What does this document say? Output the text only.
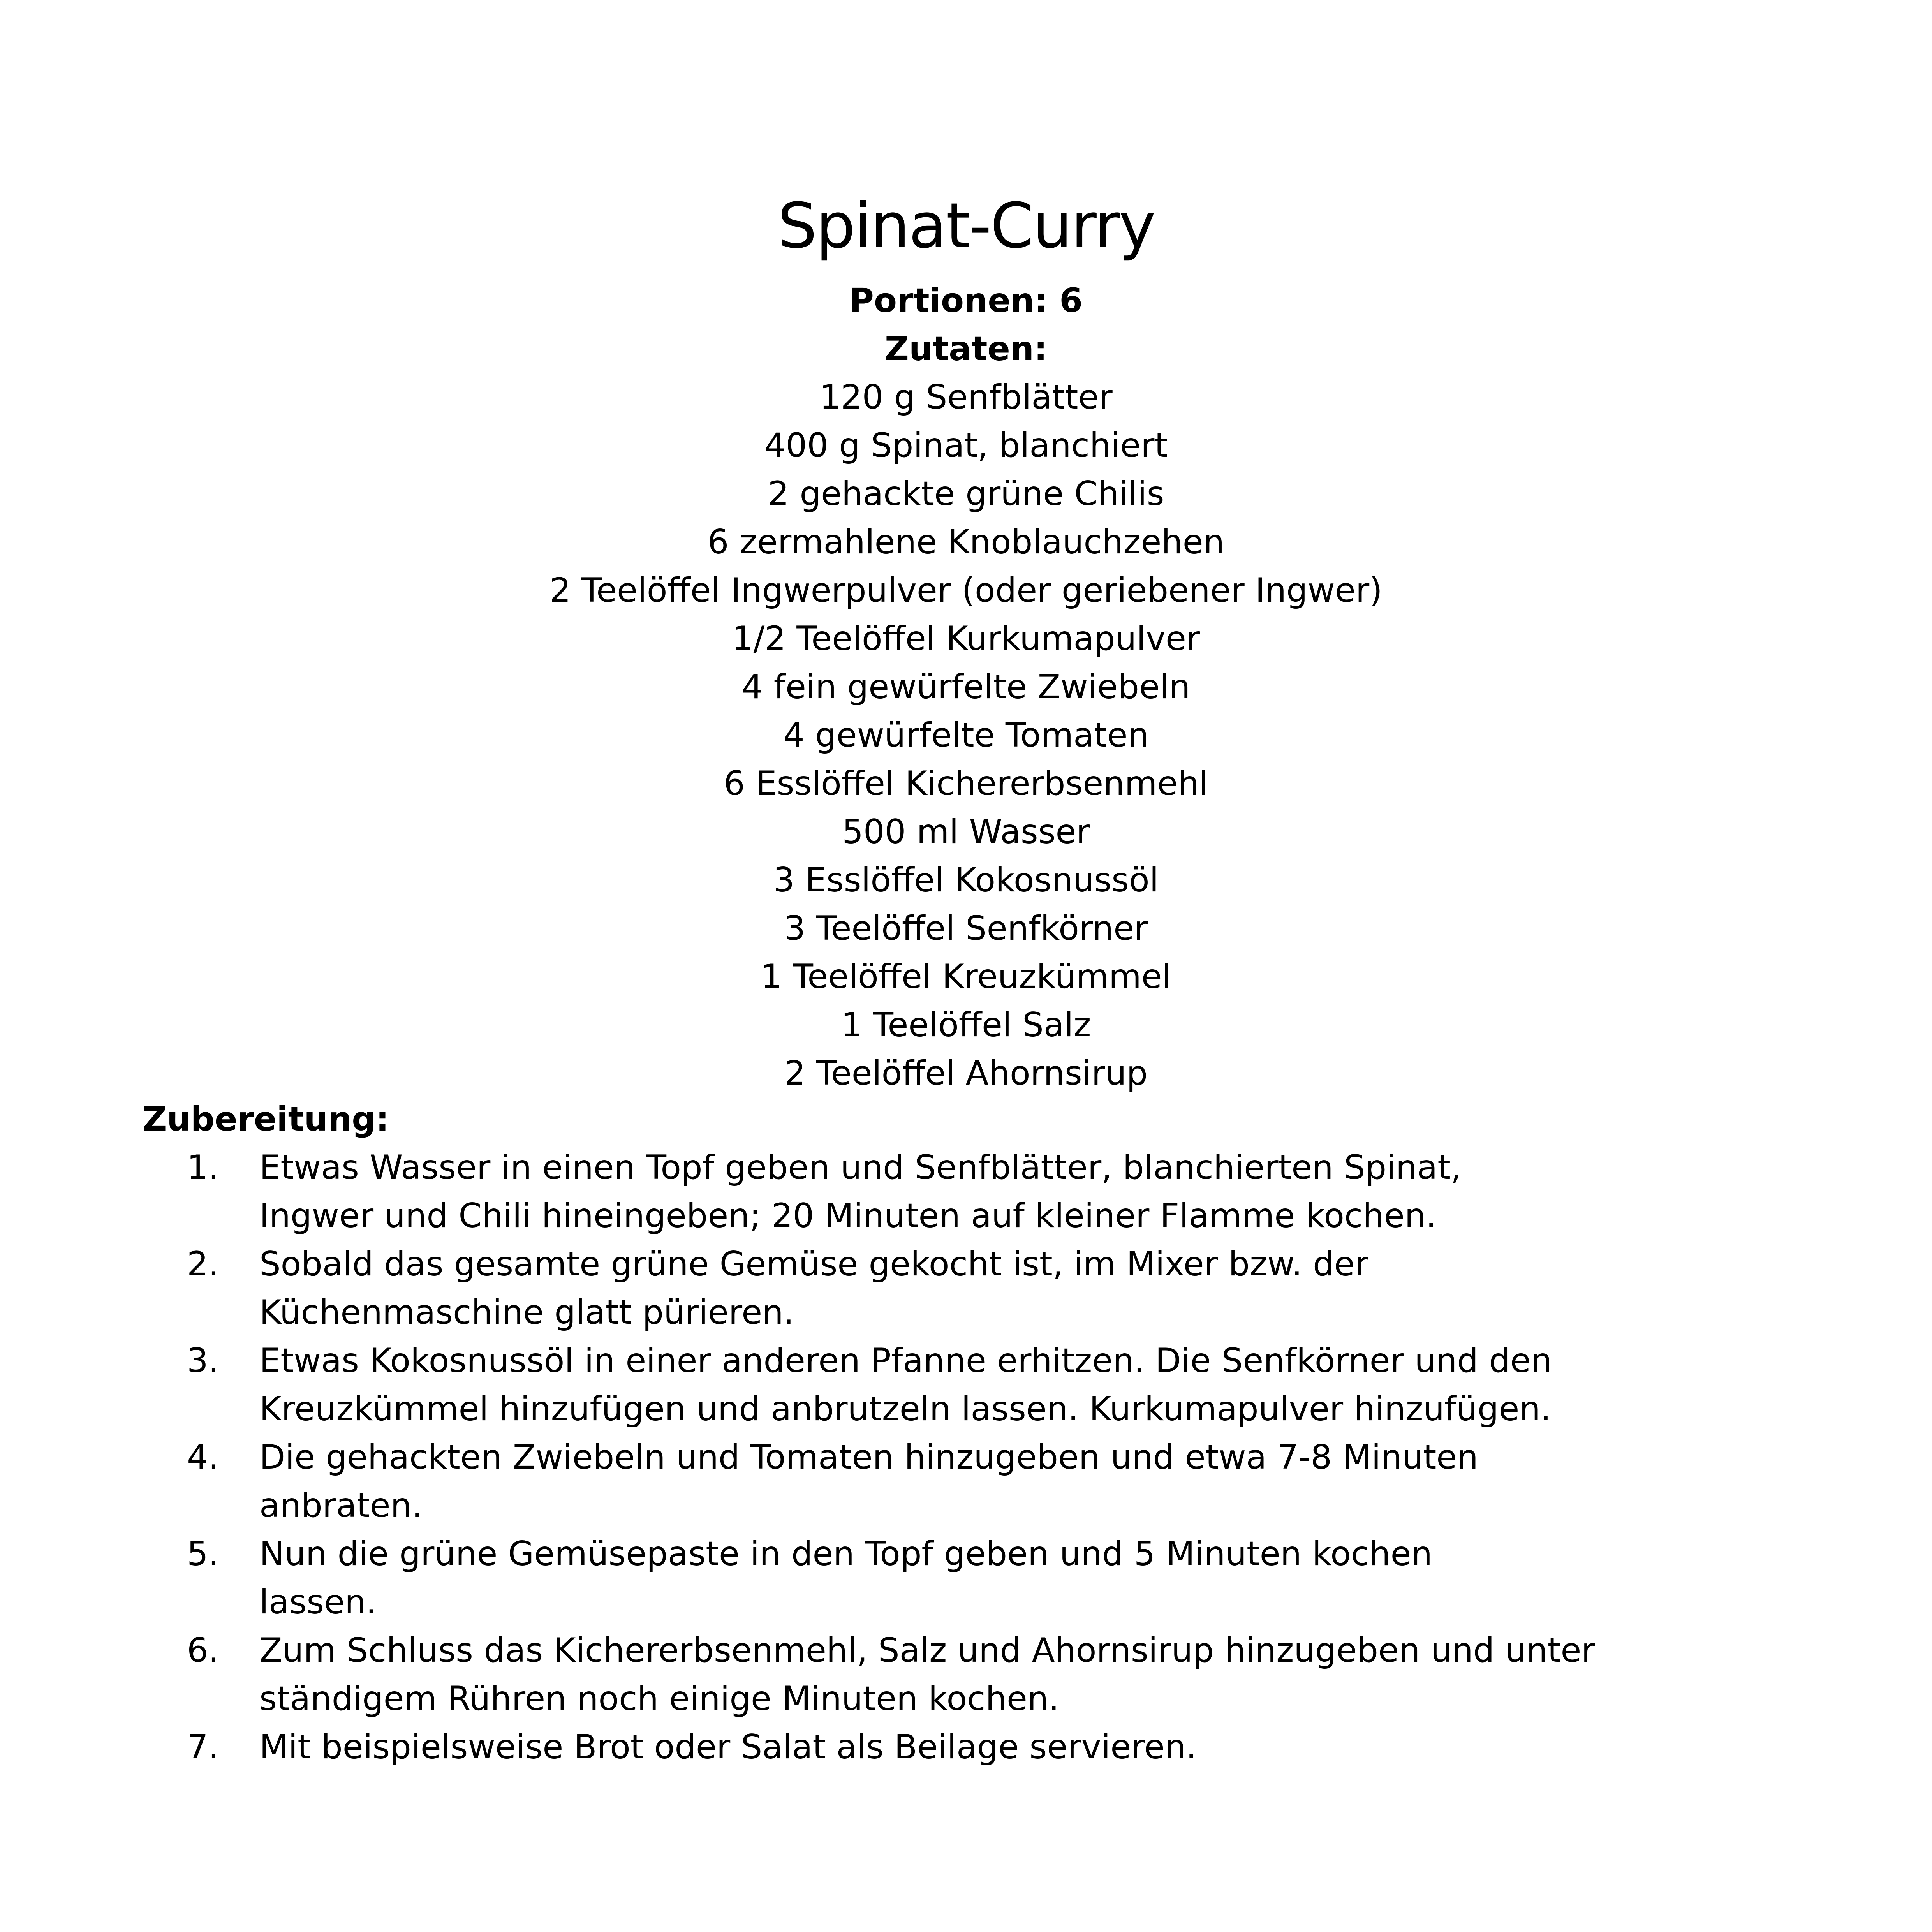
Spinat-Curry

Portionen: 6

Zutaten:

120 g Senfblätter

400 g Spinat, blanchiert

2 gehackte grüne Chilis

6 zermahlene Knoblauchzehen

2 Teelöffel Ingwerpulver (oder geriebener Ingwer)

1/2 Teelöffel Kurkumapulver

4 fein gewürfelte Zwiebeln

4 gewürfelte Tomaten

6 Esslöffel Kichererbsenmehl

500 ml Wasser

3 Esslöffel Kokosnussöl

3 Teelöffel Senfkörner

1 Teelöffel Kreuzkümmel

1 Teelöffel Salz

2 Teelöffel Ahornsirup

Zubereitung:

1.	Etwas Wasser in einen Topf geben und Senfblätter, blanchierten Spinat,
Ingwer und Chili hineingeben; 20 Minuten auf kleiner Flamme kochen.
2.	Sobald das gesamte grüne Gemüse gekocht ist, im Mixer bzw. der
Küchenmaschine glatt pürieren.
3.	Etwas Kokosnussöl in einer anderen Pfanne erhitzen. Die Senfkörner und den
Kreuzkümmel hinzufügen und anbrutzeln lassen. Kurkumapulver hinzufügen.
4.	Die gehackten Zwiebeln und Tomaten hinzugeben und etwa 7-8 Minuten
anbraten.
5.	Nun die grüne Gemüsepaste in den Topf geben und 5 Minuten kochen
lassen.
6.	Zum Schluss das Kichererbsenmehl, Salz und Ahornsirup hinzugeben und unter
ständigem Rühren noch einige Minuten kochen.
7.	Mit beispielsweise Brot oder Salat als Beilage servieren.
